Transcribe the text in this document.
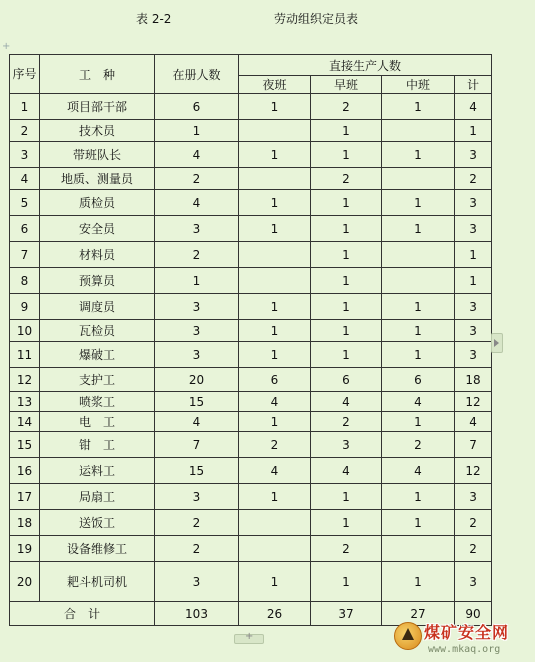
表 2-2	劳动组织定员表
+
序号	工　种	在册人数	直接生产人数			
			夜班	早班	中班	计
1	项目部干部	6	1	2	1	4
2	技术员	1		1		1
3	带班队长	4	1	1	1	3
4	地质、测量员	2		2		2
5	质检员	4	1	1	1	3
6	安全员	3	1	1	1	3
7	材料员	2		1		1
8	预算员	1		1		1
9	调度员	3	1	1	1	3
10	瓦检员	3	1	1	1	3
11	爆破工	3	1	1	1	3
12	支护工	20	6	6	6	18
13	喷浆工	15	4	4	4	12
14	电　工	4	1	2	1	4
15	钳　工	7	2	3	2	7
16	运料工	15	4	4	4	12
17	局扇工	3	1	1	1	3
18	送饭工	2		1	1	2
19	设备维修工	2		2		2
20	耙斗机司机	3	1	1	1	3
合　计		103	26	37	27	90
+
煤矿安全网
www.mkaq.org
